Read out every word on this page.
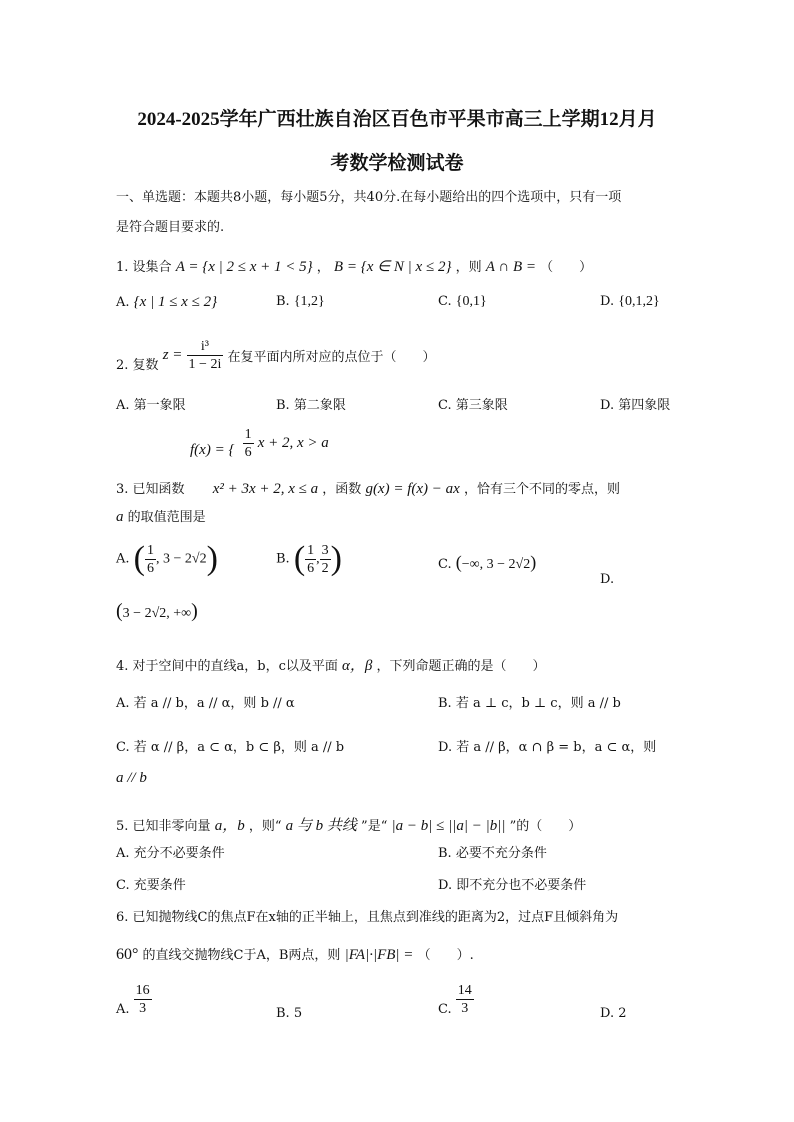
2024-2025学年广西壮族自治区百色市平果市高三上学期12月月
考数学检测试卷
一、单选题：本题共8小题，每小题5分，共40分.在每小题给出的四个选项中，只有一项
是符合题目要求的.
1. 设集合 A = {x | 2 ≤ x + 1 < 5} ， B = {x ∈ N | x ≤ 2} ，则 A ∩ B = （　　）
A. {x | 1 ≤ x ≤ 2}	B. {1,2}	C. {0,1}	D. {0,1,2}
2. 复数 $z = \frac{\text{i³}}{1 - 2i}$ 在复平面内所对应的点位于（　　）
A. 第一象限	B. 第二象限	C. 第三象限	D. 第四象限
f(x) = { $\frac{1}{6}$ x + 2, x > a
3. 已知函数 x² + 3x + 2, x ≤ a ，函数 g(x) = f(x) − ax ，恰有三个不同的零点，则
a 的取值范围是
A. ( $\frac{1}{6}$ , 3 − 2√2)	B. ( $\frac{1}{6}$ , $\frac{3}{2}$ )	C. (−∞, 3 − 2√2)
D.
(3 − 2√2, +∞)
4. 对于空间中的直线a，b，c以及平面 α，β ，下列命题正确的是（　　）
A. 若 a // b，a // α，则 b // α	B. 若 a ⊥ c，b ⊥ c，则 a // b
C. 若 α // β，a ⊂ α，b ⊂ β，则 a // b	D. 若 a // β，α ∩ β = b，a ⊂ α，则
a // b
5. 已知非零向量 a，b ，则“ a 与 b 共线 ”是“ |a − b| ≤ ||a| − |b|| ”的（　　）
A. 充分不必要条件	B. 必要不充分条件
C. 充要条件	D. 即不充分也不必要条件
6. 已知抛物线C的焦点F在x轴的正半轴上，且焦点到准线的距离为2，过点F且倾斜角为
60° 的直线交抛物线C于A，B两点，则 |FA|·|FB| = （　　）.
A. $\frac{16}{3}$	B. 5	C. $\frac{14}{3}$	D. 2
